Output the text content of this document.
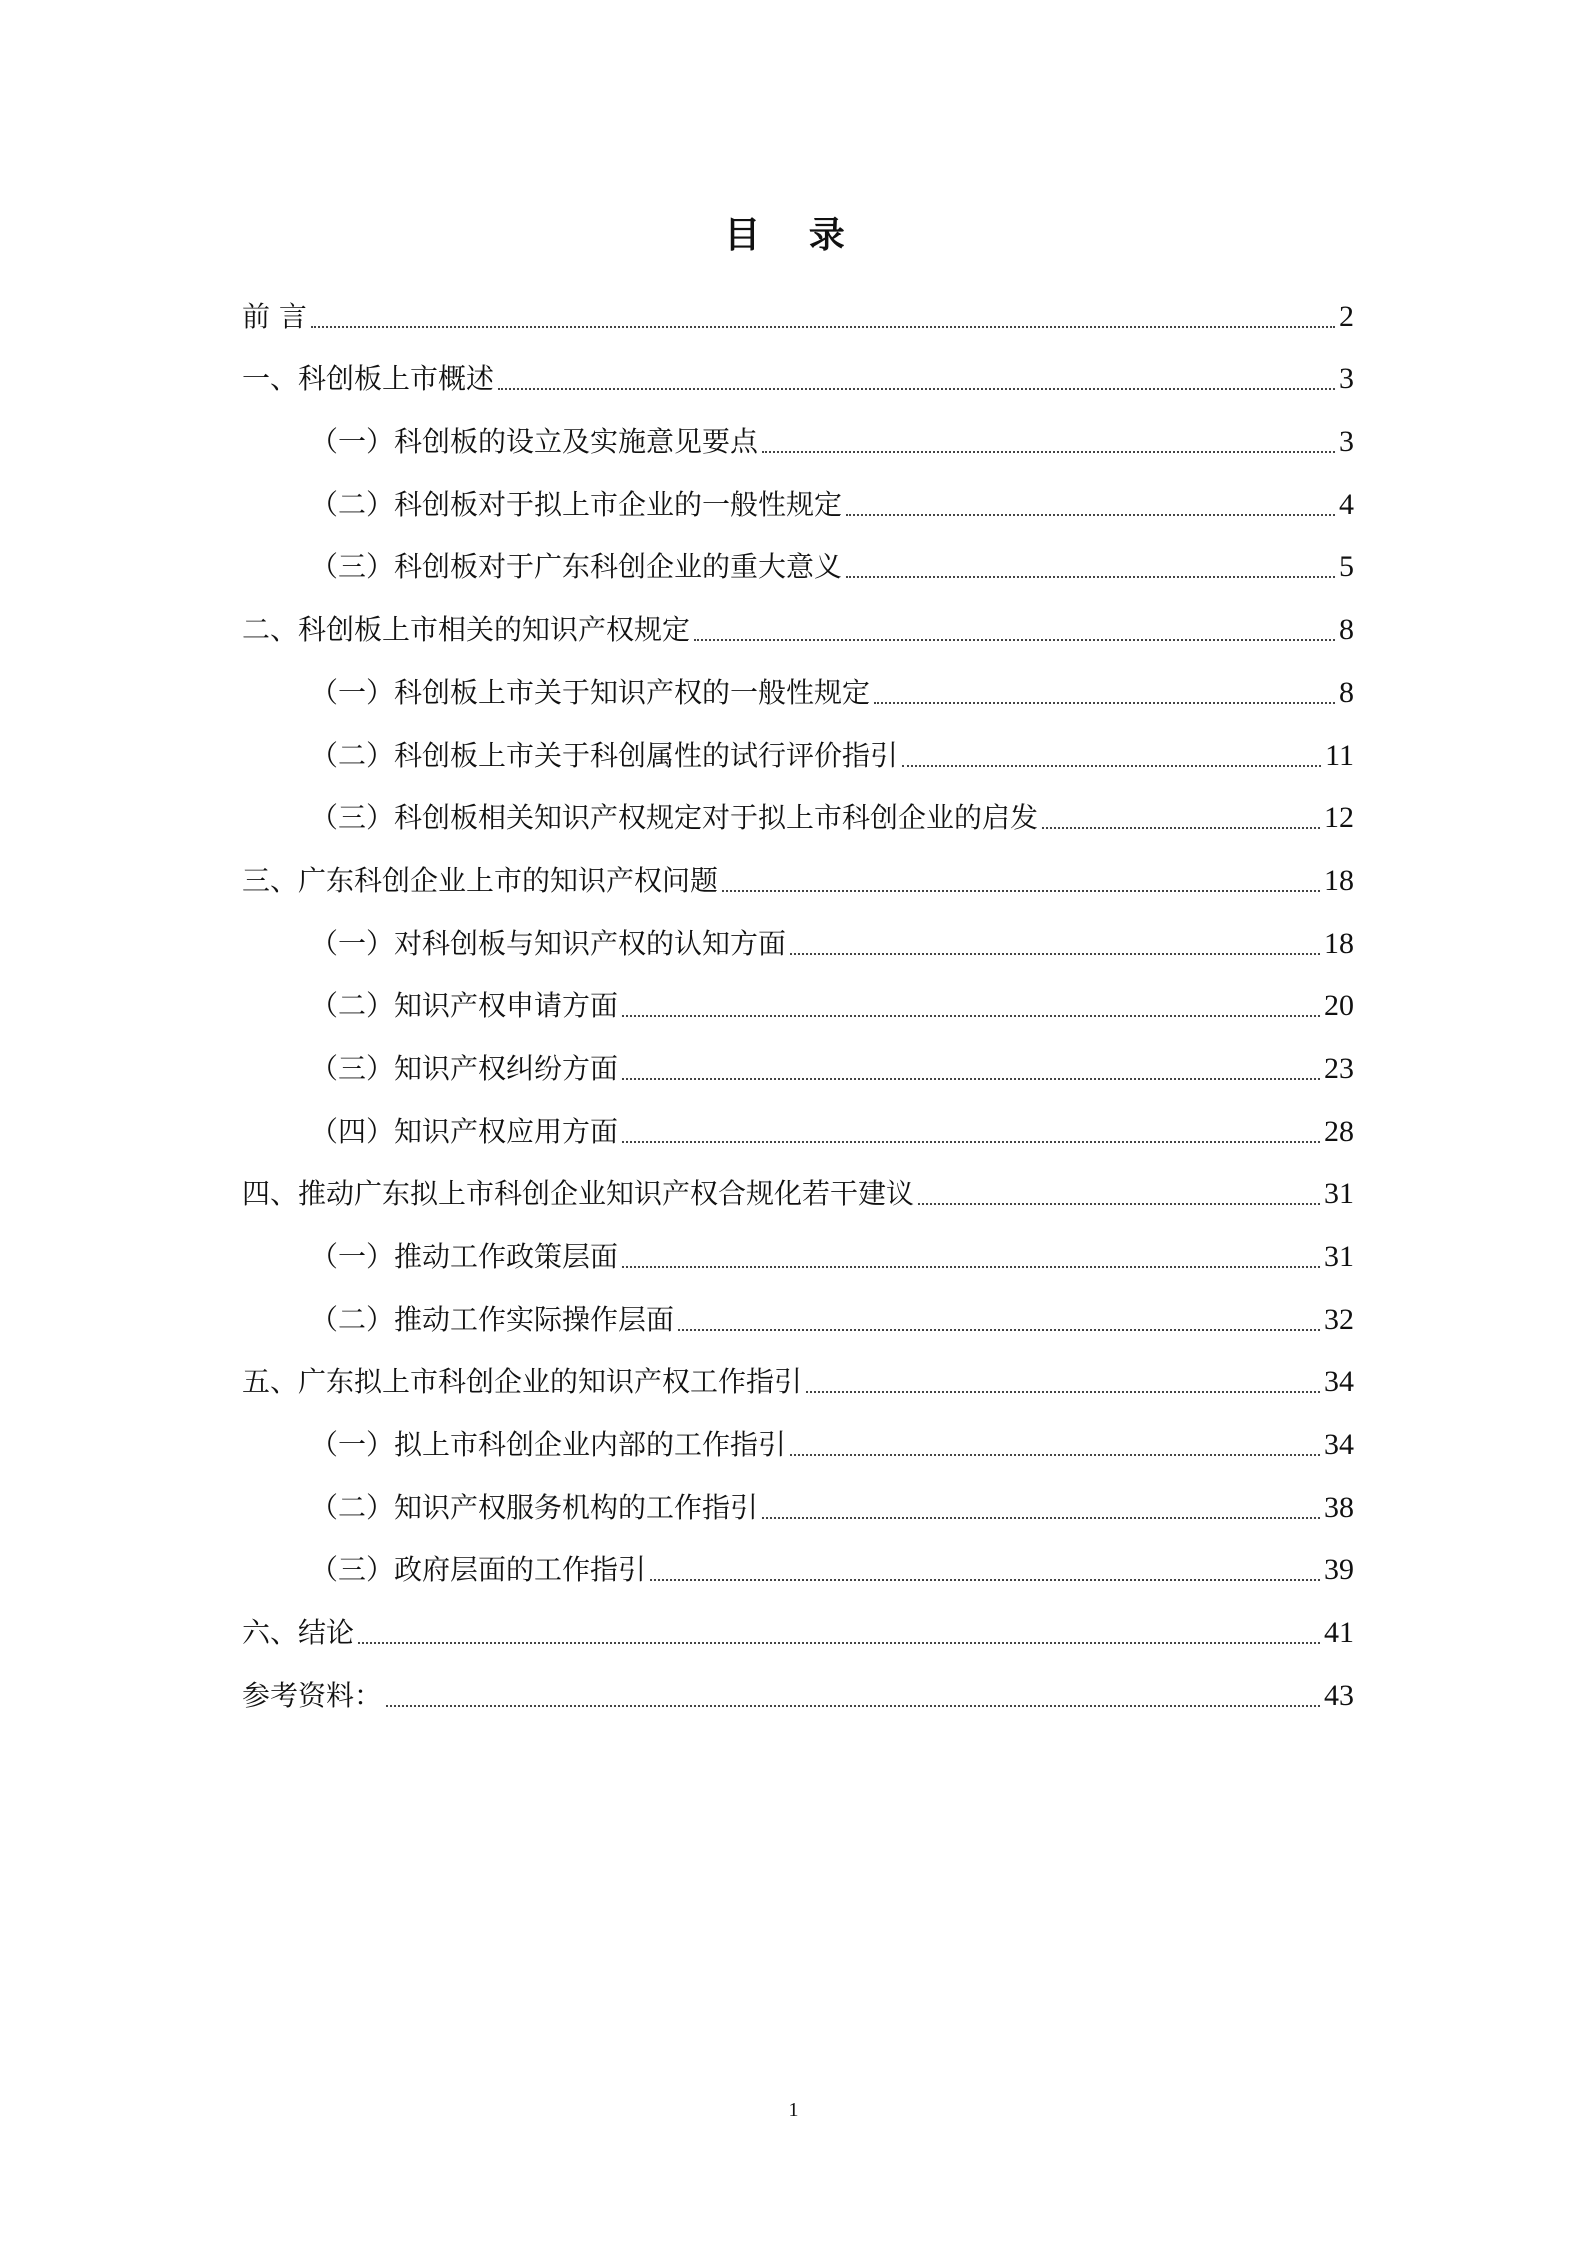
目 录
前 言	2
一、科创板上市概述	3
（一）科创板的设立及实施意见要点	3
（二）科创板对于拟上市企业的一般性规定	4
（三）科创板对于广东科创企业的重大意义	5
二、科创板上市相关的知识产权规定	8
（一）科创板上市关于知识产权的一般性规定	8
（二）科创板上市关于科创属性的试行评价指引	11
（三）科创板相关知识产权规定对于拟上市科创企业的启发	12
三、广东科创企业上市的知识产权问题	18
（一）对科创板与知识产权的认知方面	18
（二）知识产权申请方面	20
（三）知识产权纠纷方面	23
（四）知识产权应用方面	28
四、推动广东拟上市科创企业知识产权合规化若干建议	31
（一）推动工作政策层面	31
（二）推动工作实际操作层面	32
五、广东拟上市科创企业的知识产权工作指引	34
（一）拟上市科创企业内部的工作指引	34
（二）知识产权服务机构的工作指引	38
（三）政府层面的工作指引	39
六、结论	41
参考资料：	43
1
